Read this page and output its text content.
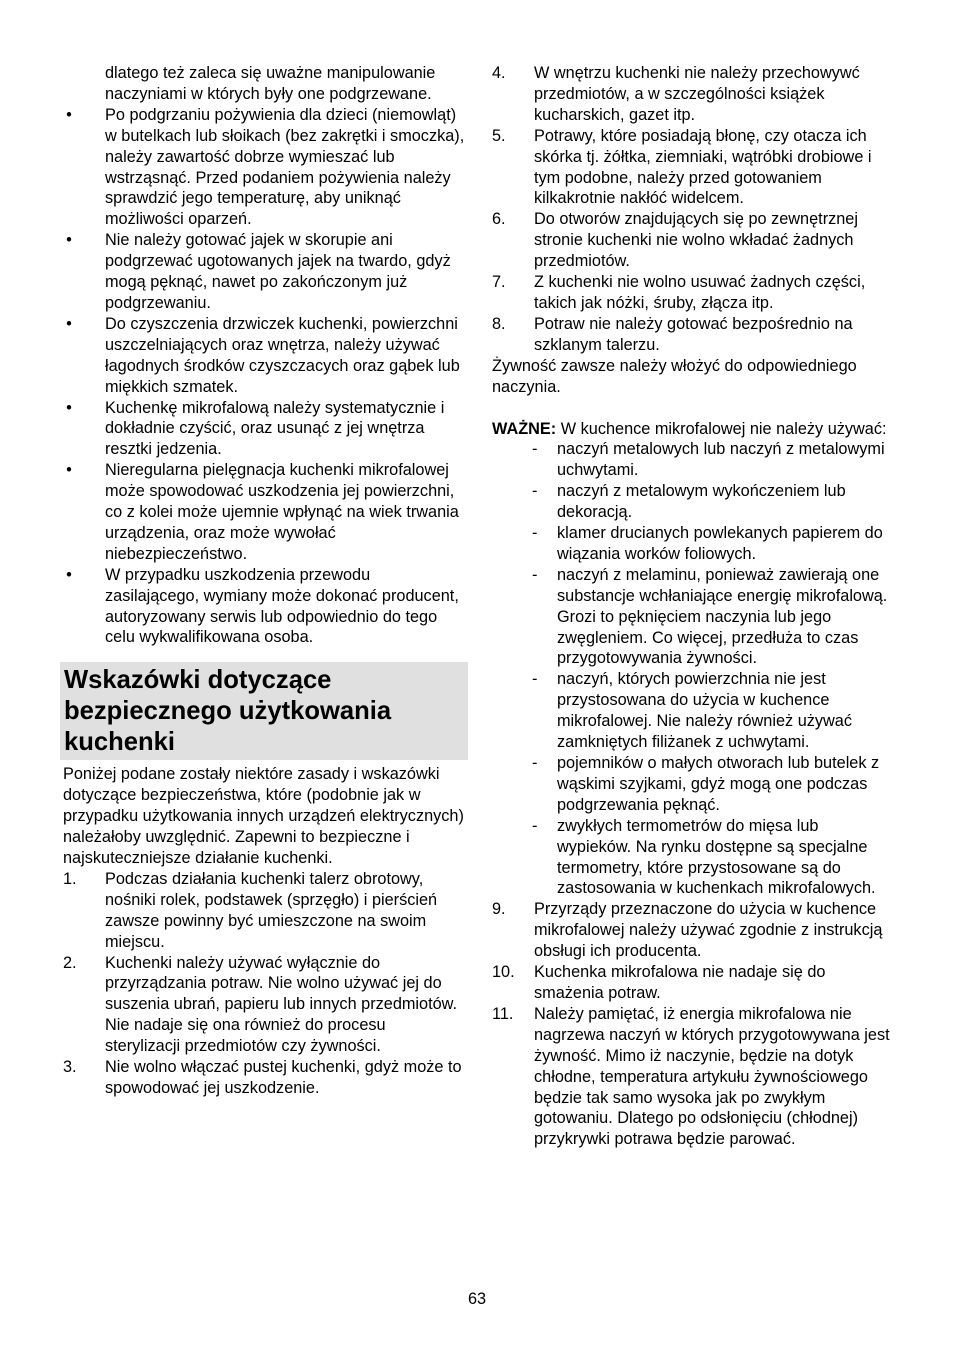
dlatego też zaleca się uważne manipulowanie naczyniami w których były one podgrzewane.

• Po podgrzaniu pożywienia dla dzieci (niemowląt) w butelkach lub słoikach (bez zakrętki i smoczka), należy zawartość dobrze wymieszać lub wstrząsnąć. Przed podaniem pożywienia należy sprawdzić jego temperaturę, aby uniknąć możliwości oparzeń.
• Nie należy gotować jajek w skorupie ani podgrzewać ugotowanych jajek na twardo, gdyż mogą pęknąć, nawet po zakończonym już podgrzewaniu.
• Do czyszczenia drzwiczek kuchenki, powierzchni uszczelniających oraz wnętrza, należy używać łagodnych środków czyszczacych oraz gąbek lub miękkich szmatek.
• Kuchenkę mikrofalową należy systematycznie i dokładnie czyścić, oraz usunąć z jej wnętrza resztki jedzenia.
• Nieregularna pielęgnacja kuchenki mikrofalowej może spowodować uszkodzenia jej powierzchni, co z kolei może ujemnie wpłynąć na wiek trwania urządzenia, oraz może wywołać niebezpieczeństwo.
• W przypadku uszkodzenia przewodu zasilającego, wymiany może dokonać producent, autoryzowany serwis lub odpowiednio do tego celu wykwalifikowana osoba.
Wskazówki dotyczące bezpiecznego użytkowania kuchenki

Poniżej podane zostały niektóre zasady i wskazówki dotyczące bezpieczeństwa, które (podobnie jak w przypadku użytkowania innych urządzeń elektrycznych) należałoby uwzględnić. Zapewni to bezpieczne i najskuteczniejsze działanie kuchenki.

1. Podczas działania kuchenki talerz obrotowy, nośniki rolek, podstawek (sprzęgło) i pierścień zawsze powinny być umieszczone na swoim miejscu.
2. Kuchenki należy używać wyłącznie do przyrządzania potraw. Nie wolno używać jej do suszenia ubrań, papieru lub innych przedmiotów. Nie nadaje się ona również do procesu sterylizacji przedmiotów czy żywności.
3. Nie wolno włączać pustej kuchenki, gdyż może to spowodować jej uszkodzenie.
4. W wnętrzu kuchenki nie należy przechowywć przedmiotów, a w szczególności książek kucharskich, gazet itp.
5. Potrawy, które posiadają błonę, czy otacza ich skórka tj. żółtka, ziemniaki, wątróbki drobiowe i tym podobne, należy przed gotowaniem kilkakrotnie nakłóć widelcem.
6. Do otworów znajdujących się po zewnętrznej stronie kuchenki nie wolno wkładać żadnych przedmiotów.
7. Z kuchenki nie wolno usuwać żadnych części, takich jak nóżki, śruby, złącza itp.
8. Potraw nie należy gotować bezpośrednio na szklanym talerzu.

Żywność zawsze należy włożyć do odpowiedniego naczynia.

WAŻNE: W kuchence mikrofalowej nie należy używać:

- naczyń metalowych lub naczyń z metalowymi uchwytami.
- naczyń z metalowym wykończeniem lub dekoracją.
- klamer drucianych powlekanych papierem do wiązania worków foliowych.
- naczyń z melaminu, ponieważ zawierają one substancje wchłaniające energię mikrofalową. Grozi to pęknięciem naczynia lub jego zwęgleniem. Co więcej, przedłuża to czas przygotowywania żywności.
- naczyń, których powierzchnia nie jest przystosowana do użycia w kuchence mikrofalowej. Nie należy również używać zamkniętych filiżanek z uchwytami.
- pojemników o małych otworach lub butelek z wąskimi szyjkami, gdyż mogą one podczas podgrzewania pęknąć.
- zwykłych termometrów do mięsa lub wypieków. Na rynku dostępne są specjalne termometry, które przystosowane są do zastosowania w kuchenkach mikrofalowych.
9. Przyrządy przeznaczone do użycia w kuchence mikrofalowej należy używać zgodnie z instrukcją obsługi ich producenta.
10. Kuchenka mikrofalowa nie nadaje się do smażenia potraw.
11. Należy pamiętać, iż energia mikrofalowa nie nagrzewa naczyń w których przygotowywana jest żywność. Mimo iż naczynie, będzie na dotyk chłodne, temperatura artykułu żywnościowego będzie tak samo wysoka jak po zwykłym gotowaniu. Dlatego po odsłonięciu (chłodnej) przykrywki potrawa będzie parować.
63
